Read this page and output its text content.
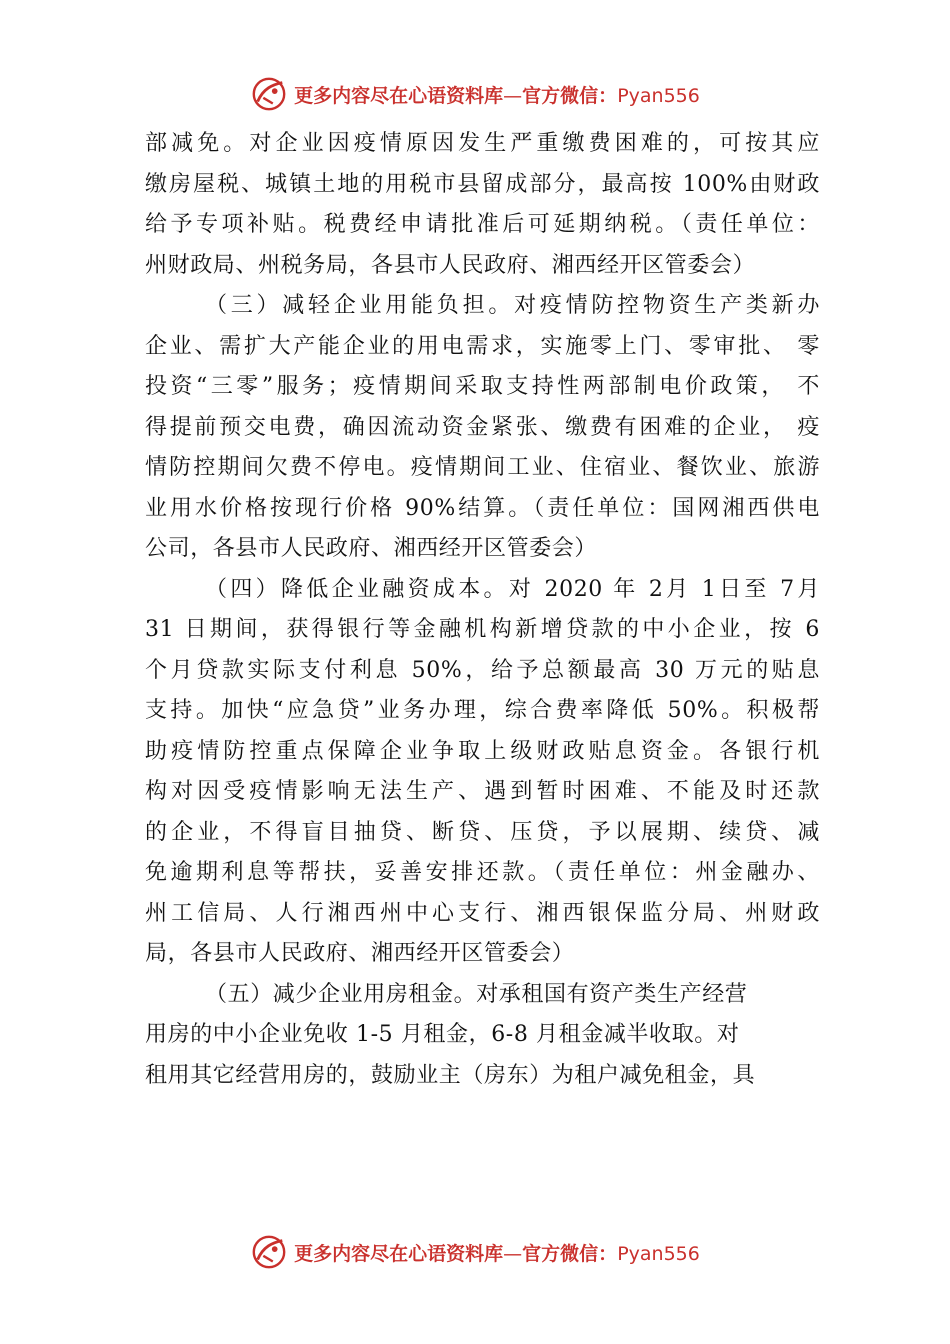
更多内容尽在心语资料库—官方微信：Pyan556
部减免。对企业因疫情原因发生严重缴费困难的，可按其应
缴房屋税、城镇土地的用税市县留成部分，最高按 100%由财政
给予专项补贴。税费经申请批准后可延期纳税。（责任单位：
州财政局、州税务局，各县市人民政府、湘西经开区管委会）
（三）减轻企业用能负担。对疫情防控物资生产类新办
企业、需扩大产能企业的用电需求，实施零上门、零审批、 零
投资“三零”服务；疫情期间采取支持性两部制电价政策， 不
得提前预交电费，确因流动资金紧张、缴费有困难的企业， 疫
情防控期间欠费不停电。疫情期间工业、住宿业、餐饮业、旅游
业用水价格按现行价格 90%结算。（责任单位：国网湘西供电
公司，各县市人民政府、湘西经开区管委会）
（四）降低企业融资成本。对 2020 年 2月 1日至 7月
31 日期间，获得银行等金融机构新增贷款的中小企业，按 6
个月贷款实际支付利息 50%，给予总额最高 30 万元的贴息
支持。加快“应急贷”业务办理，综合费率降低 50%。积极帮
助疫情防控重点保障企业争取上级财政贴息资金。各银行机
构对因受疫情影响无法生产、遇到暂时困难、不能及时还款
的企业，不得盲目抽贷、断贷、压贷，予以展期、续贷、减
免逾期利息等帮扶，妥善安排还款。（责任单位：州金融办、
州工信局、人行湘西州中心支行、湘西银保监分局、州财政
局，各县市人民政府、湘西经开区管委会）
（五）减少企业用房租金。对承租国有资产类生产经营
用房的中小企业免收 1-5 月租金，6-8 月租金减半收取。对
租用其它经营用房的，鼓励业主（房东）为租户减免租金，具
更多内容尽在心语资料库—官方微信：Pyan556
